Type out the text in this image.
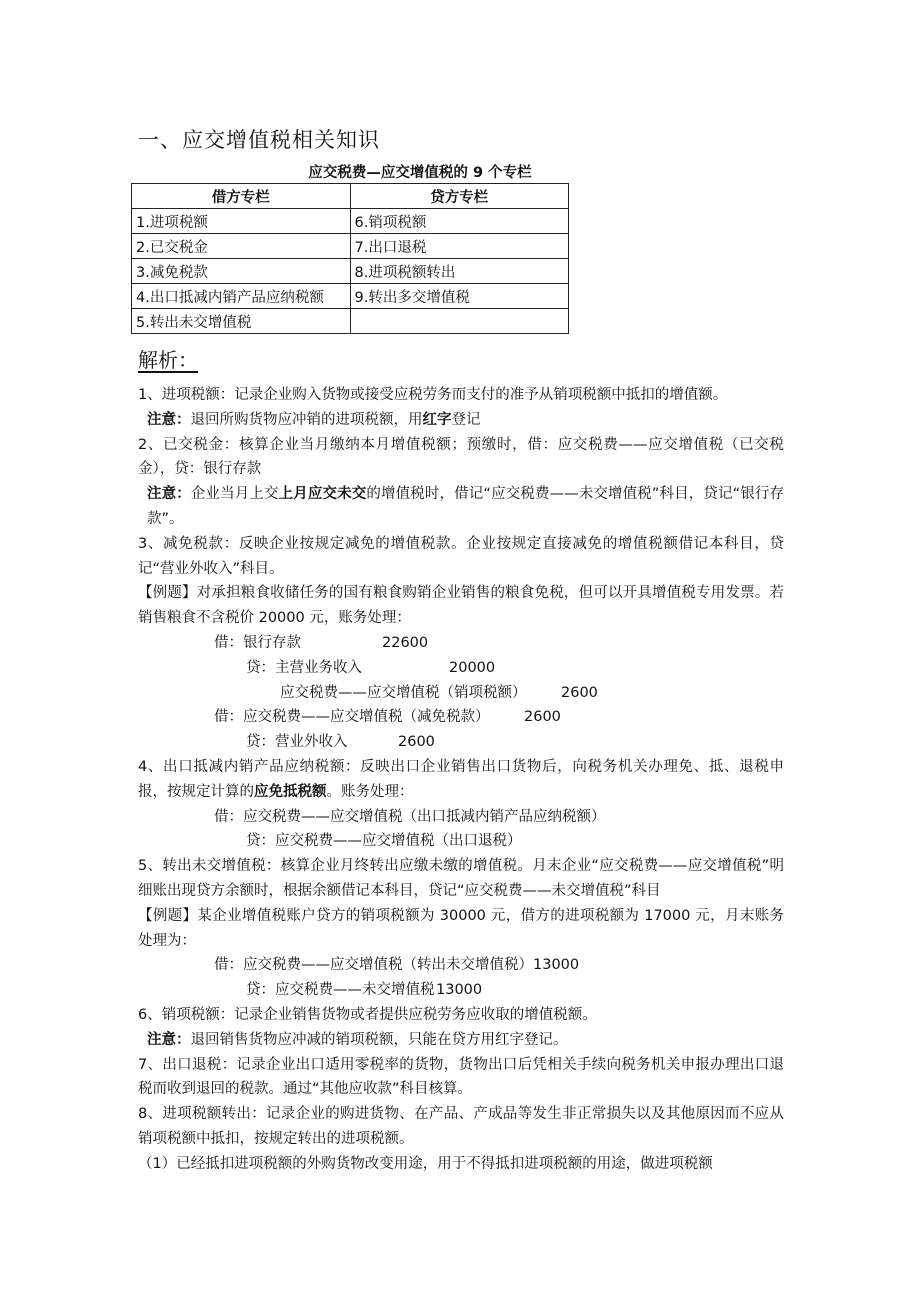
一、应交增值税相关知识
应交税费—应交增值税的 9 个专栏
借方专栏	贷方专栏
1.进项税额	6.销项税额
2.已交税金	7.出口退税
3.减免税款	8.进项税额转出
4.出口抵减内销产品应纳税额	9.转出多交增值税
5.转出未交增值税	
解析：

1、进项税额：记录企业购入货物或接受应税劳务而支付的准予从销项税额中抵扣的增值额。

注意：退回所购货物应冲销的进项税额，用红字登记

2、已交税金：核算企业当月缴纳本月增值税额；预缴时，借：应交税费——应交增值税（已交税金），贷：银行存款

注意：企业当月上交上月应交未交的增值税时，借记“应交税费——未交增值税”科目，贷记“银行存款”。

3、减免税款：反映企业按规定减免的增值税款。企业按规定直接减免的增值税额借记本科目，贷记“营业外收入”科目。

【例题】对承担粮食收储任务的国有粮食购销企业销售的粮食免税，但可以开具增值税专用发票。若销售粮食不含税价 20000 元，账务处理：

借：银行存款	22600

贷：主营业务收入	20000

应交税费——应交增值税（销项税额） 2600

借：应交税费——应交增值税（减免税款） 2600

贷：营业外收入	2600

4、出口抵减内销产品应纳税额：反映出口企业销售出口货物后，向税务机关办理免、抵、退税申报，按规定计算的应免抵税额。账务处理：

借：应交税费——应交增值税（出口抵减内销产品应纳税额）

贷：应交税费——应交增值税（出口退税）

5、转出未交增值税：核算企业月终转出应缴未缴的增值税。月末企业“应交税费——应交增值税”明细账出现贷方余额时，根据余额借记本科目，贷记“应交税费——未交增值税”科目

【例题】某企业增值税账户贷方的销项税额为 30000 元，借方的进项税额为 17000 元，月末账务处理为：

借：应交税费——应交增值税（转出未交增值税）13000

贷：应交税费——未交增值税 13000

6、销项税额：记录企业销售货物或者提供应税劳务应收取的增值税额。

注意：退回销售货物应冲减的销项税额，只能在贷方用红字登记。

7、出口退税：记录企业出口适用零税率的货物，货物出口后凭相关手续向税务机关申报办理出口退税而收到退回的税款。通过“其他应收款”科目核算。

8、进项税额转出：记录企业的购进货物、在产品、产成品等发生非正常损失以及其他原因而不应从销项税额中抵扣，按规定转出的进项税额。

（1）已经抵扣进项税额的外购货物改变用途，用于不得抵扣进项税额的用途，做进项税额
